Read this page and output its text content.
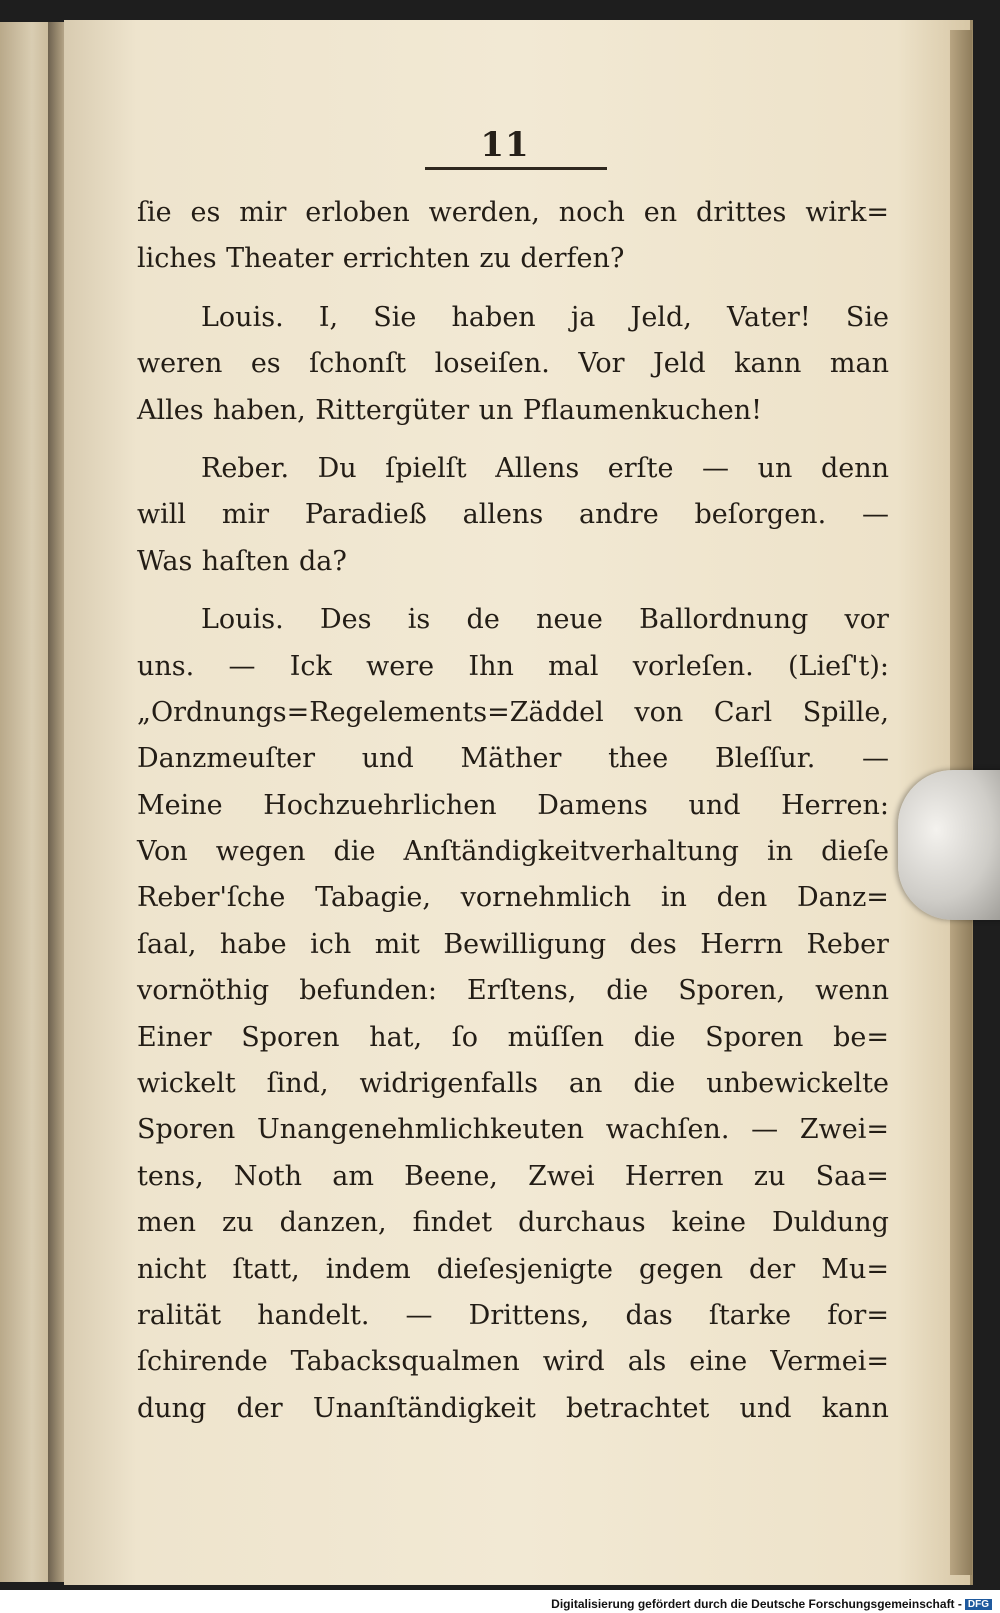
11
ſie es mir erloben werden, noch en drittes wirk=
liches Theater errichten zu derfen?
Louis. I, Sie haben ja Jeld, Vater! Sie
weren es ſchonſt loseiſen. Vor Jeld kann man
Alles haben, Rittergüter un Pflaumenkuchen!
Reber. Du ſpielſt Allens erſte — un denn
will mir Paradieß allens andre beſorgen. —
Was haſten da?
Louis. Des is de neue Ballordnung vor
uns. — Ick were Ihn mal vorleſen. (Lieſ't):
„Ordnungs=Regelements=Zäddel von Carl Spille,
Danzmeuſter und Mäther thee Bleſſur. —
Meine Hochzuehrlichen Damens und Herren:
Von wegen die Anſtändigkeitverhaltung in dieſe
Reber'ſche Tabagie, vornehmlich in den Danz=
ſaal, habe ich mit Bewilligung des Herrn Reber
vornöthig befunden: Erſtens, die Sporen, wenn
Einer Sporen hat, ſo müſſen die Sporen be=
wickelt ſind, widrigenfalls an die unbewickelte
Sporen Unangenehmlichkeuten wachſen. — Zwei=
tens, Noth am Beene, Zwei Herren zu Saa=
men zu danzen, findet durchaus keine Duldung
nicht ſtatt, indem dieſesjenigte gegen der Mu=
ralität handelt. — Drittens, das ſtarke for=
ſchirende Tabacksqualmen wird als eine Vermei=
dung der Unanſtändigkeit betrachtet und kann
Digitalisierung gefördert durch die Deutsche Forschungsgemeinschaft - DFG
